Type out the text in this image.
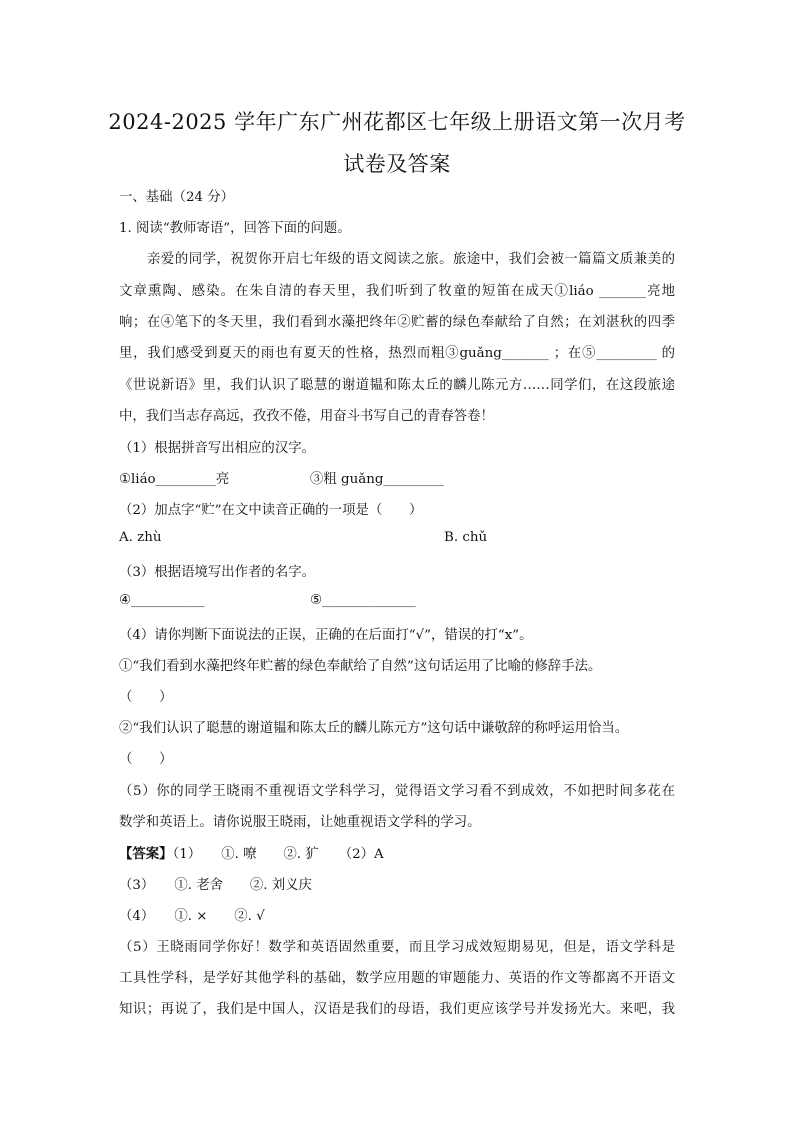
2024-2025 学年广东广州花都区七年级上册语文第一次月考
试卷及答案
一、基础（24 分）
1. 阅读“教师寄语”，回答下面的问题。
亲爱的同学，祝贺你开启七年级的语文阅读之旅。旅途中，我们会被一篇篇文质兼美的
文章熏陶、感染。在朱自清的春天里，我们听到了牧童的短笛在成天①liáo _______亮地
响；在④笔下的冬天里，我们看到水藻把终年②贮蓄的绿色奉献给了自然；在刘湛秋的四季
里，我们感受到夏天的雨也有夏天的性格，热烈而粗③guǎng_______ ；在⑤_________ 的
《世说新语》里，我们认识了聪慧的谢道韫和陈太丘的麟儿陈元方……同学们，在这段旅途
中，我们当志存高远，孜孜不倦，用奋斗书写自己的青春答卷！
（1）根据拼音写出相应的汉字。
①liáo_________亮	③粗 guǎng_________
（2）加点字“贮”在文中读音正确的一项是（　　）
A. zhù	B. chǔ
（3）根据语境写出作者的名字。
④___________	⑤______________
（4）请你判断下面说法的正误，正确的在后面打“√”，错误的打“x”。
①“我们看到水藻把终年贮蓄的绿色奉献给了自然”这句话运用了比喻的修辞手法。
（　　）
②“我们认识了聪慧的谢道韫和陈太丘的麟儿陈元方”这句话中谦敬辞的称呼运用恰当。
（　　）
（5）你的同学王晓雨不重视语文学科学习，觉得语文学习看不到成效，不如把时间多花在
数学和英语上。请你说服王晓雨，让她重视语文学科的学习。
【答案】（1）　　①. 嘹　　②. 犷　　（2）A
（3）　　①. 老舍　　②. 刘义庆
（4）　　①. ×　　②. √
（5）王晓雨同学你好！数学和英语固然重要，而且学习成效短期易见，但是，语文学科是
工具性学科，是学好其他学科的基础，数学应用题的审题能力、英语的作文等都离不开语文
知识；再说了，我们是中国人，汉语是我们的母语，我们更应该学号并发扬光大。来吧，我
